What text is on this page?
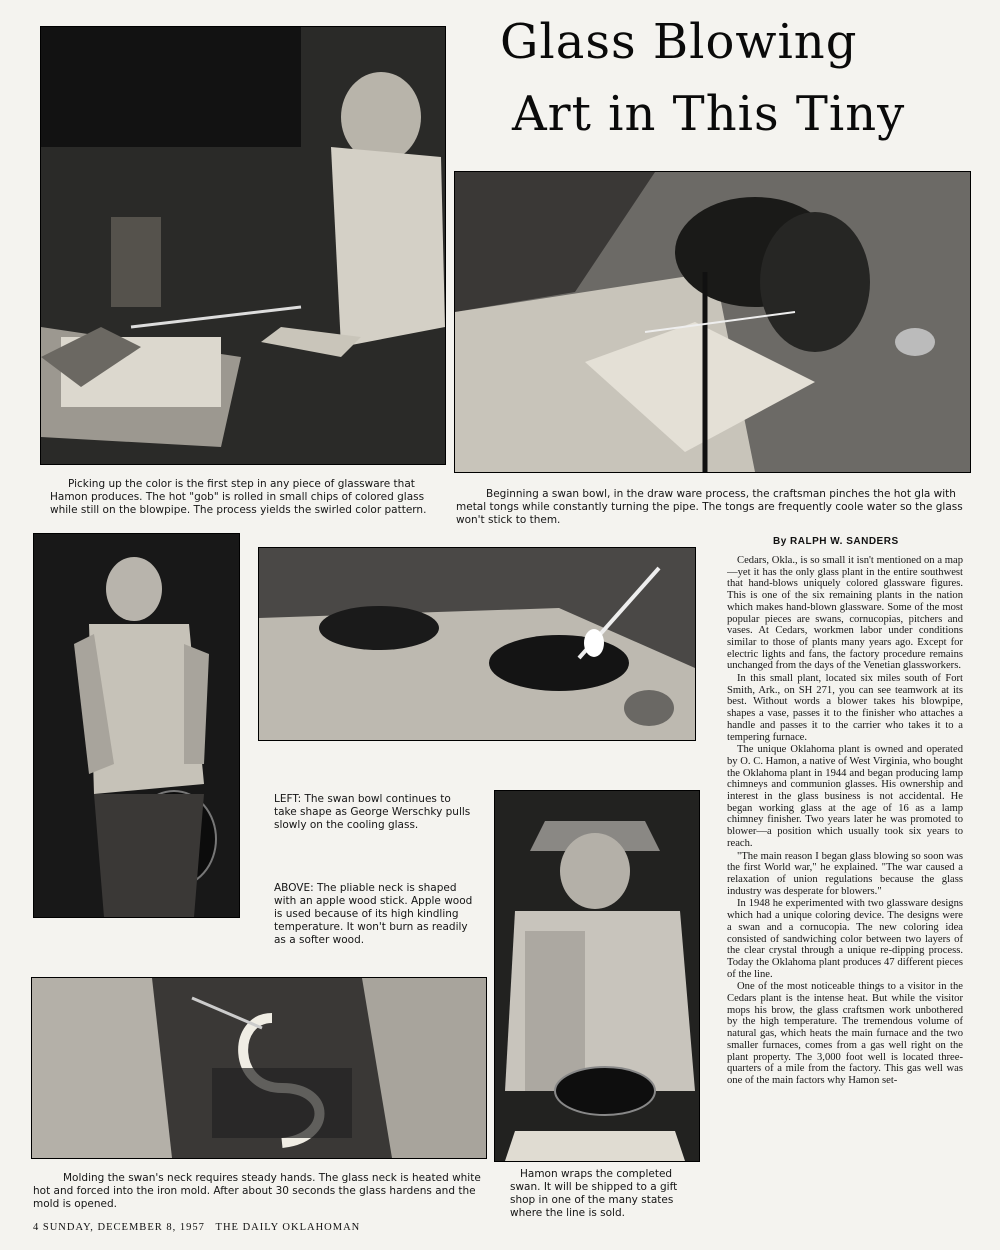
Glass Blowing
Art in This Tiny
Picking up the color is the first step in any piece of glassware that Hamon produces. The hot "gob" is rolled in small chips of colored glass while still on the blowpipe. The process yields the swirled color pattern.
Beginning a swan bowl, in the draw ware process, the craftsman pinches the hot gla with metal tongs while constantly turning the pipe. The tongs are frequently coole water so the glass won't stick to them.
LEFT: The swan bowl continues to take shape as George Werschky pulls slowly on the cooling glass.
ABOVE: The pliable neck is shaped with an apple wood stick. Apple wood is used because of its high kindling temperature. It won't burn as readily as a softer wood.
Molding the swan's neck requires steady hands. The glass neck is heated white hot and forced into the iron mold. After about 30 seconds the glass hardens and the mold is opened.
Hamon wraps the completed swan. It will be shipped to a gift shop in one of the many states where the line is sold.
By RALPH W. SANDERS

Cedars, Okla., is so small it isn't mentioned on a map—yet it has the only glass plant in the entire southwest that hand-blows uniquely colored glassware figures. This is one of the six remaining plants in the nation which makes hand-blown glassware. Some of the most popular pieces are swans, cornucopias, pitchers and vases. At Cedars, workmen labor under conditions similar to those of plants many years ago. Except for electric lights and fans, the factory procedure remains unchanged from the days of the Venetian glassworkers.

In this small plant, located six miles south of Fort Smith, Ark., on SH 271, you can see teamwork at its best. Without words a blower takes his blowpipe, shapes a vase, passes it to the finisher who attaches a handle and passes it to the carrier who takes it to a tempering furnace.

The unique Oklahoma plant is owned and operated by O. C. Hamon, a native of West Virginia, who bought the Oklahoma plant in 1944 and began producing lamp chimneys and communion glasses. His ownership and interest in the glass business is not accidental. He began working glass at the age of 16 as a lamp chimney finisher. Two years later he was promoted to blower—a position which usually took six years to reach.

"The main reason I began glass blowing so soon was the first World war," he explained. "The war caused a relaxation of union regulations because the glass industry was desperate for blowers."

In 1948 he experimented with two glassware designs which had a unique coloring device. The designs were a swan and a cornucopia. The new coloring idea consisted of sandwiching color between two layers of the clear crystal through a unique re-dipping process. Today the Oklahoma plant produces 47 different pieces of the line.

One of the most noticeable things to a visitor in the Cedars plant is the intense heat. But while the visitor mops his brow, the glass craftsmen work unbothered by the high temperature. The tremendous volume of natural gas, which heats the main furnace and the two smaller furnaces, comes from a gas well right on the plant property. The 3,000 foot well is located three-quarters of a mile from the factory. This gas well was one of the main factors why Hamon set-

4 SUNDAY, DECEMBER 8, 1957   THE DAILY OKLAHOMAN
